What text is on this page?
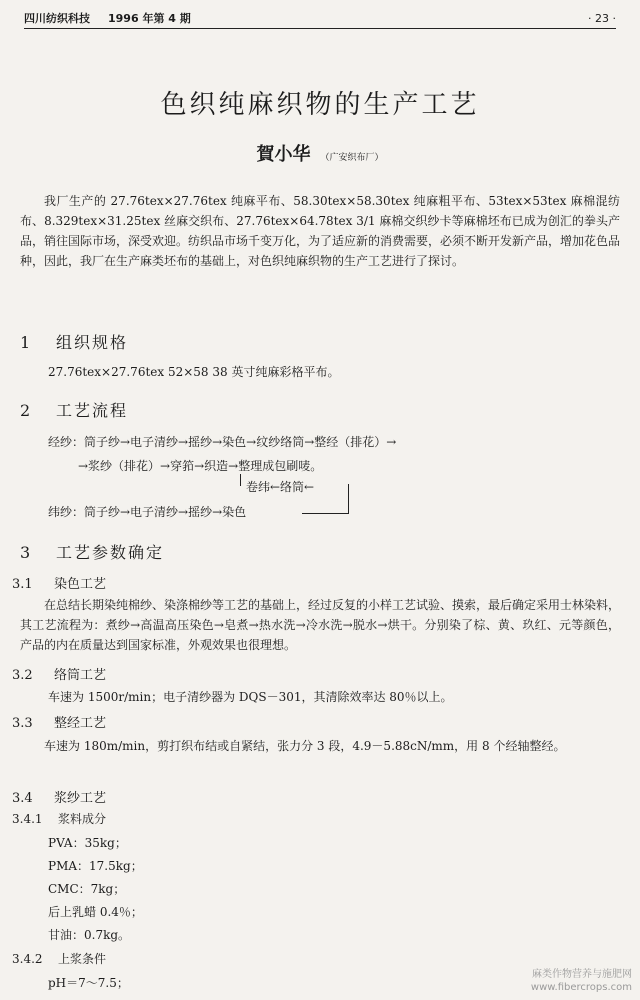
四川纺织科技 1996 年第 4 期	· 23 ·
色织纯麻织物的生产工艺
賀小华 （广安织布厂）

我厂生产的 27.76tex×27.76tex 纯麻平布、58.30tex×58.30tex 纯麻粗平布、53tex×53tex 麻棉混纺布、8.329tex×31.25tex 丝麻交织布、27.76tex×64.78tex 3/1 麻棉交织纱卡等麻棉坯布已成为创汇的拳头产品，销往国际市场，深受欢迎。纺织品市场千变万化，为了适应新的消费需要，必须不断开发新产品，增加花色品种，因此，我厂在生产麻类坯布的基础上，对色织纯麻织物的生产工艺进行了探讨。

1 组织规格
27.76tex×27.76tex 52×58 38 英寸纯麻彩格平布。
2 工艺流程
经纱：筒子纱→电子清纱→摇纱→染色→纹纱络筒→整经（排花）→
→浆纱（排花）→穿筘→织造→整理成包刷唛。
卷纬←络筒←
纬纱：筒子纱→电子清纱→摇纱→染色
3 工艺参数确定
3.1 染色工艺

在总结长期染纯棉纱、染涤棉纱等工艺的基础上，经过反复的小样工艺试验、摸索，最后确定采用士林染料，其工艺流程为：煮纱→高温高压染色→皂煮→热水洗→冷水洗→脱水→烘干。分别染了棕、黄、玖红、元等颜色，产品的内在质量达到国家标准，外观效果也很理想。

3.2 络筒工艺
车速为 1500r/min；电子清纱器为 DQS－301，其清除效率达 80％以上。
3.3 整经工艺

车速为 180m/min，剪打织布结或自紧结，张力分 3 段，4.9－5.88cN/mm，用 8 个经轴整经。

3.4 浆纱工艺
3.4.1 浆料成分
PVA：35kg；
PMA：17.5kg；
CMC：7kg；
后上乳蜡 0.4％；
甘油：0.7kg。
3.4.2 上浆条件
pH＝7～7.5；
麻类作物营养与施肥网
www.fibercrops.com
